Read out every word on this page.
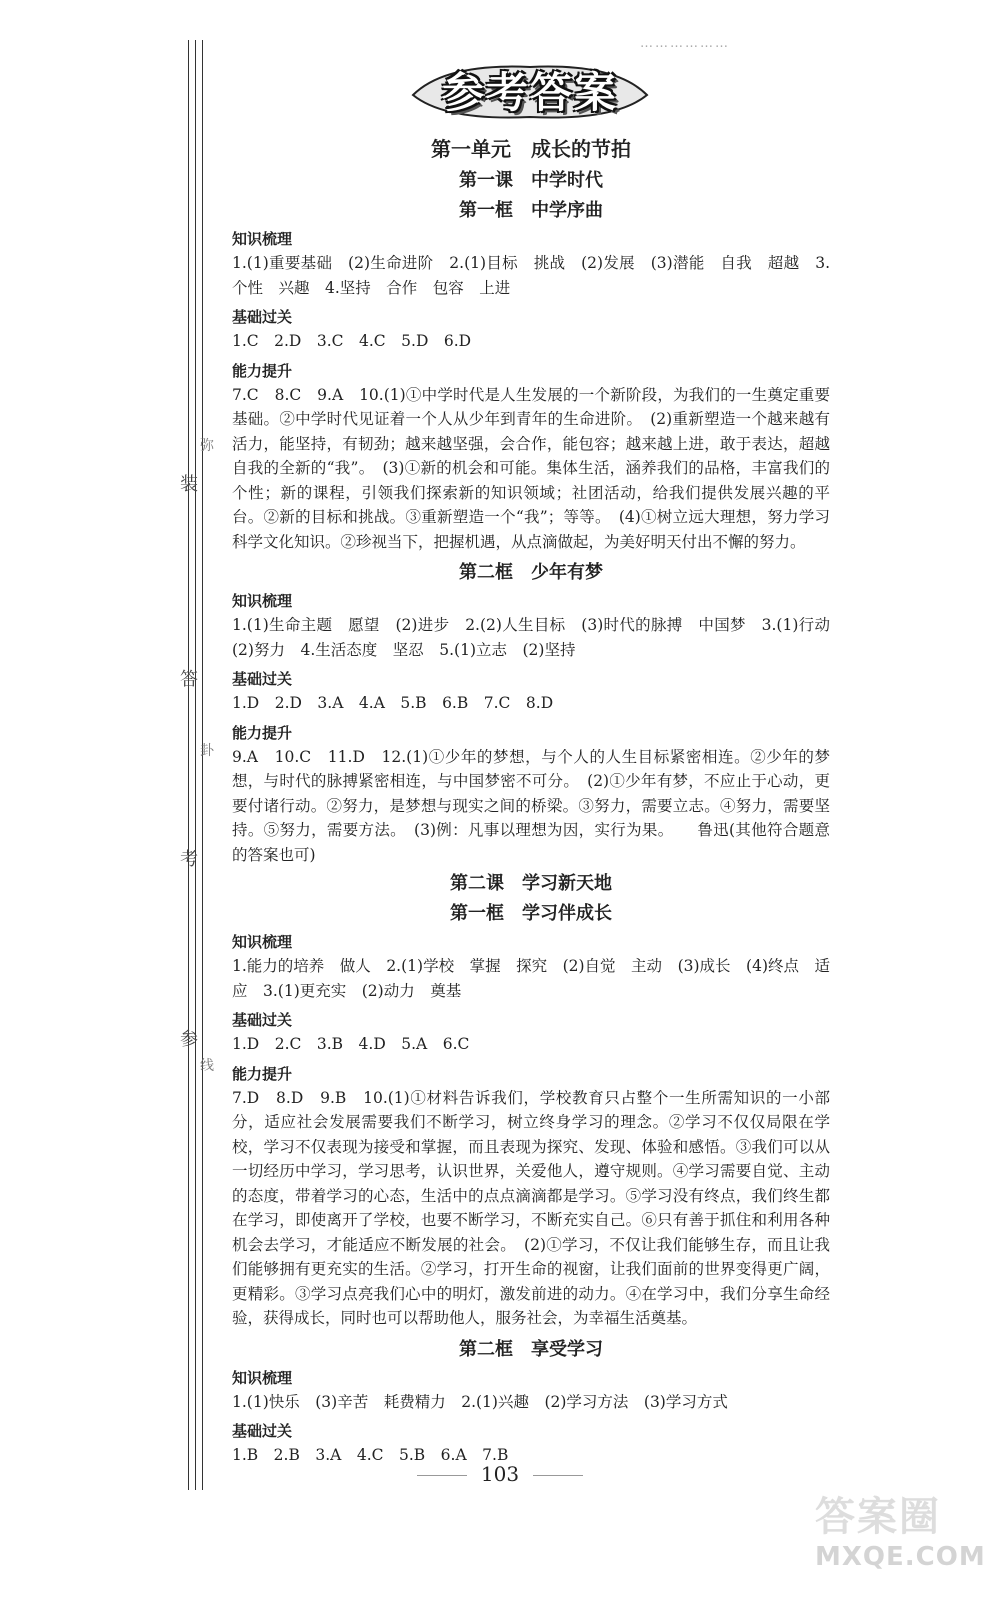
弥
装
答
卦
考
参
线
………………
参考答案
第一单元　成长的节拍
第一课　中学时代
第一框　中学序曲
知识梳理
1.(1)重要基础　(2)生命进阶　2.(1)目标　挑战　(2)发展　(3)潜能　自我　超越　3.个性　兴趣　4.坚持　合作　包容　上进
基础过关
1.C　2.D　3.C　4.C　5.D　6.D
能力提升
7.C　8.C　9.A　10.(1)①中学时代是人生发展的一个新阶段，为我们的一生奠定重要基础。②中学时代见证着一个人从少年到青年的生命进阶。　(2)重新塑造一个越来越有活力，能坚持，有韧劲；越来越坚强，会合作，能包容；越来越上进，敢于表达，超越自我的全新的“我”。　(3)①新的机会和可能。集体生活，涵养我们的品格，丰富我们的个性；新的课程，引领我们探索新的知识领域；社团活动，给我们提供发展兴趣的平台。②新的目标和挑战。③重新塑造一个“我”；等等。　(4)①树立远大理想，努力学习科学文化知识。②珍视当下，把握机遇，从点滴做起，为美好明天付出不懈的努力。
第二框　少年有梦
知识梳理
1.(1)生命主题　愿望　(2)进步　2.(2)人生目标　(3)时代的脉搏　中国梦　3.(1)行动　(2)努力　4.生活态度　坚忍　5.(1)立志　(2)坚持
基础过关
1.D　2.D　3.A　4.A　5.B　6.B　7.C　8.D
能力提升
9.A　10.C　11.D　12.(1)①少年的梦想，与个人的人生目标紧密相连。②少年的梦想，与时代的脉搏紧密相连，与中国梦密不可分。　(2)①少年有梦，不应止于心动，更要付诸行动。②努力，是梦想与现实之间的桥梁。③努力，需要立志。④努力，需要坚持。⑤努力，需要方法。　(3)例：凡事以理想为因，实行为果。　　鲁迅(其他符合题意的答案也可)
第二课　学习新天地
第一框　学习伴成长
知识梳理
1.能力的培养　做人　2.(1)学校　掌握　探究　(2)自觉　主动　(3)成长　(4)终点　适应　3.(1)更充实　(2)动力　奠基
基础过关
1.D　2.C　3.B　4.D　5.A　6.C
能力提升
7.D　8.D　9.B　10.(1)①材料告诉我们，学校教育只占整个一生所需知识的一小部分，适应社会发展需要我们不断学习，树立终身学习的理念。②学习不仅仅局限在学校，学习不仅表现为接受和掌握，而且表现为探究、发现、体验和感悟。③我们可以从一切经历中学习，学习思考，认识世界，关爱他人，遵守规则。④学习需要自觉、主动的态度，带着学习的心态，生活中的点点滴滴都是学习。⑤学习没有终点，我们终生都在学习，即使离开了学校，也要不断学习，不断充实自己。⑥只有善于抓住和利用各种机会去学习，才能适应不断发展的社会。　(2)①学习，不仅让我们能够生存，而且让我们能够拥有更充实的生活。②学习，打开生命的视窗，让我们面前的世界变得更广阔，更精彩。③学习点亮我们心中的明灯，激发前进的动力。④在学习中，我们分享生命经验，获得成长，同时也可以帮助他人，服务社会，为幸福生活奠基。
第二框　享受学习
知识梳理
1.(1)快乐　(3)辛苦　耗费精力　2.(1)兴趣　(2)学习方法　(3)学习方式
基础过关
1.B　2.B　3.A　4.C　5.B　6.A　7.B
103
答案圈
MXQE.COM
